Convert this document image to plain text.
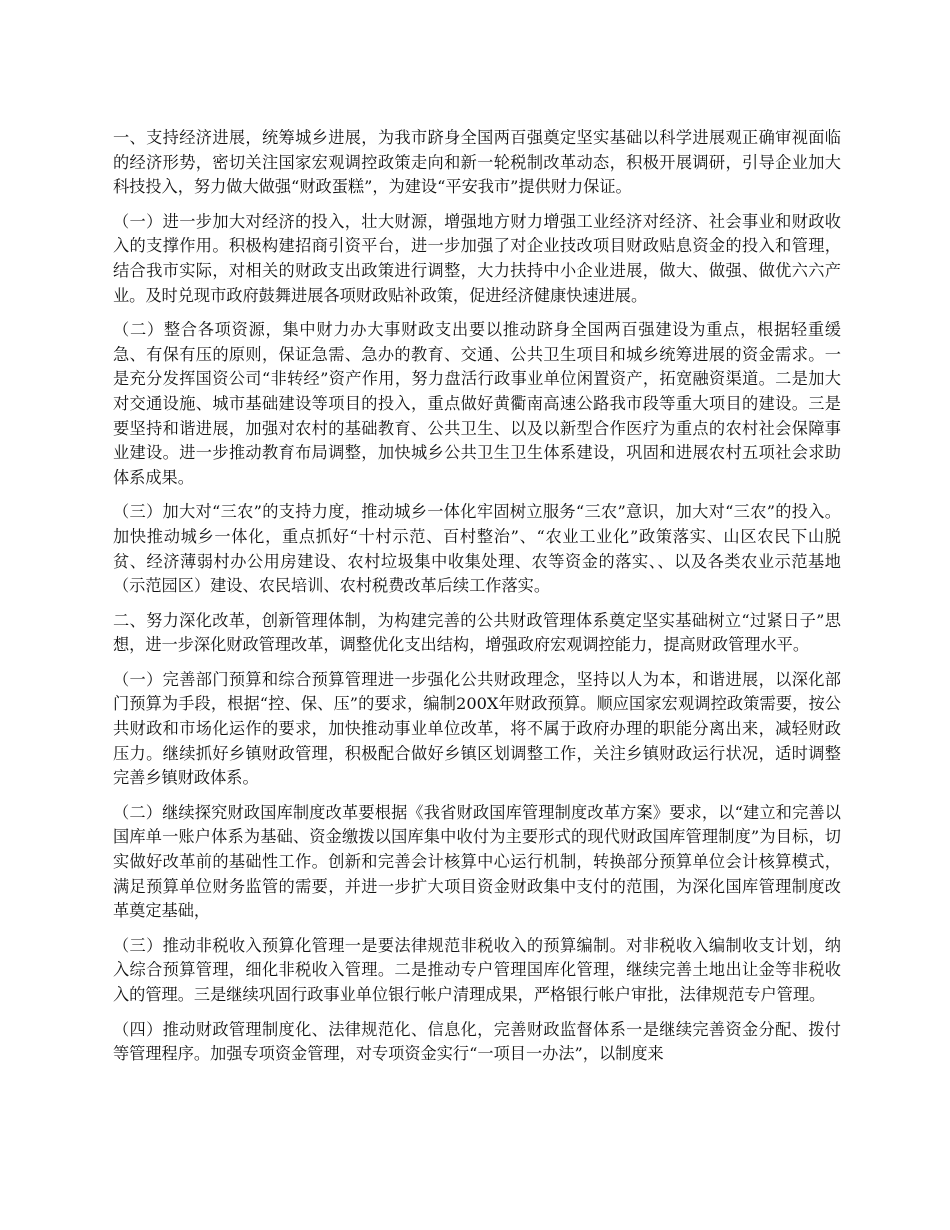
一、支持经济进展，统筹城乡进展，为我市跻身全国两百强奠定坚实基础以科学进展观正确审视面临的经济形势，密切关注国家宏观调控政策走向和新一轮税制改革动态，积极开展调研，引导企业加大科技投入，努力做大做强“财政蛋糕”，为建设“平安我市”提供财力保证。

（一）进一步加大对经济的投入，壮大财源，增强地方财力增强工业经济对经济、社会事业和财政收入的支撑作用。积极构建招商引资平台，进一步加强了对企业技改项目财政贴息资金的投入和管理，结合我市实际，对相关的财政支出政策进行调整，大力扶持中小企业进展，做大、做强、做优六六产业。及时兑现市政府鼓舞进展各项财政贴补政策，促进经济健康快速进展。

（二）整合各项资源，集中财力办大事财政支出要以推动跻身全国两百强建设为重点，根据轻重缓急、有保有压的原则，保证急需、急办的教育、交通、公共卫生项目和城乡统筹进展的资金需求。一是充分发挥国资公司“非转经”资产作用，努力盘活行政事业单位闲置资产，拓宽融资渠道。二是加大对交通设施、城市基础建设等项目的投入，重点做好黄衢南高速公路我市段等重大项目的建设。三是要坚持和谐进展，加强对农村的基础教育、公共卫生、以及以新型合作医疗为重点的农村社会保障事业建设。进一步推动教育布局调整，加快城乡公共卫生卫生体系建设，巩固和进展农村五项社会求助体系成果。

（三）加大对“三农”的支持力度，推动城乡一体化牢固树立服务“三农”意识，加大对“三农”的投入。加快推动城乡一体化，重点抓好“十村示范、百村整治”、“农业工业化”政策落实、山区农民下山脱贫、经济薄弱村办公用房建设、农村垃圾集中收集处理、农等资金的落实、、以及各类农业示范基地（示范园区）建设、农民培训、农村税费改革后续工作落实。

二、努力深化改革，创新管理体制，为构建完善的公共财政管理体系奠定坚实基础树立“过紧日子”思想，进一步深化财政管理改革，调整优化支出结构，增强政府宏观调控能力，提高财政管理水平。

（一）完善部门预算和综合预算管理进一步强化公共财政理念，坚持以人为本，和谐进展，以深化部门预算为手段，根据“控、保、压”的要求，编制200X年财政预算。顺应国家宏观调控政策需要，按公共财政和市场化运作的要求，加快推动事业单位改革，将不属于政府办理的职能分离出来，减轻财政压力。继续抓好乡镇财政管理，积极配合做好乡镇区划调整工作，关注乡镇财政运行状况，适时调整完善乡镇财政体系。

（二）继续探究财政国库制度改革要根据《我省财政国库管理制度改革方案》要求，以“建立和完善以国库单一账户体系为基础、资金缴拨以国库集中收付为主要形式的现代财政国库管理制度”为目标，切实做好改革前的基础性工作。创新和完善会计核算中心运行机制，转换部分预算单位会计核算模式，满足预算单位财务监管的需要，并进一步扩大项目资金财政集中支付的范围，为深化国库管理制度改革奠定基础，

（三）推动非税收入预算化管理一是要法律规范非税收入的预算编制。对非税收入编制收支计划，纳入综合预算管理，细化非税收入管理。二是推动专户管理国库化管理，继续完善土地出让金等非税收入的管理。三是继续巩固行政事业单位银行帐户清理成果，严格银行帐户审批，法律规范专户管理。

（四）推动财政管理制度化、法律规范化、信息化，完善财政监督体系一是继续完善资金分配、拨付等管理程序。加强专项资金管理，对专项资金实行“一项目一办法”，以制度来
